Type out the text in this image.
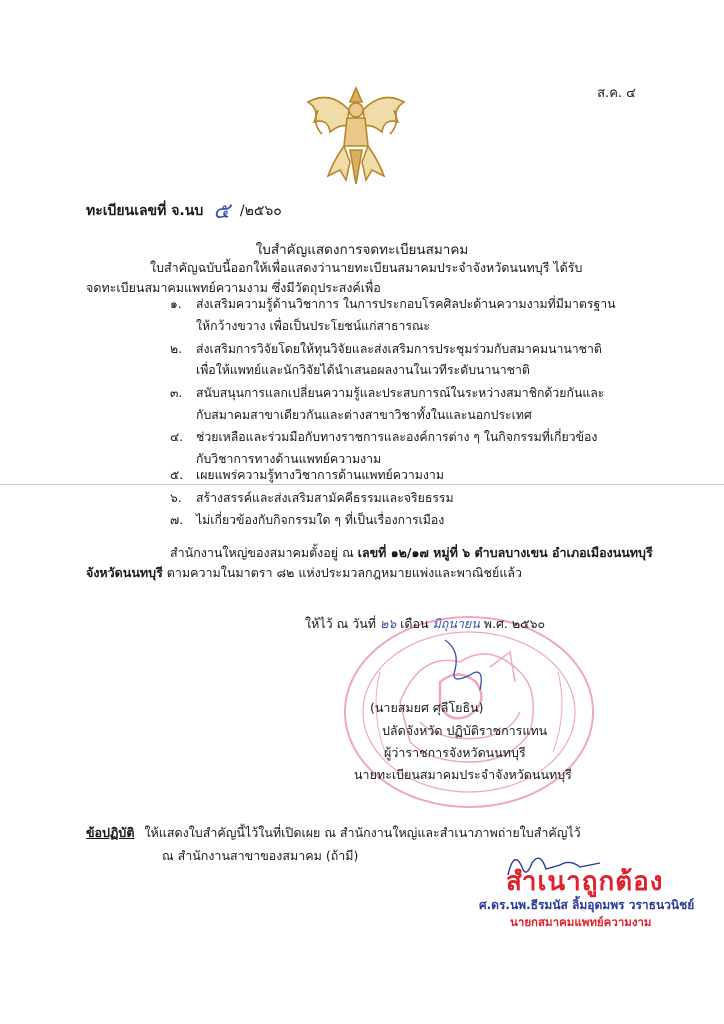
ส.ค. ๔
ทะเบียนเลขที่ จ.นบ ๕ /๒๕๖๐
ใบสำคัญแสดงการจดทะเบียนสมาคม
ใบสำคัญฉบับนี้ออกให้เพื่อแสดงว่านายทะเบียนสมาคมประจำจังหวัดนนทบุรี ได้รับ
จดทะเบียนสมาคมแพทย์ความงาม ซึ่งมีวัตถุประสงค์เพื่อ
๑. ส่งเสริมความรู้ด้านวิชาการ ในการประกอบโรคศิลปะด้านความงามที่มีมาตรฐาน
ให้กว้างขวาง เพื่อเป็นประโยชน์แก่สาธารณะ
๒. ส่งเสริมการวิจัยโดยให้ทุนวิจัยและส่งเสริมการประชุมร่วมกับสมาคมนานาชาติ
เพื่อให้แพทย์และนักวิจัยได้นำเสนอผลงานในเวทีระดับนานาชาติ
๓. สนับสนุนการแลกเปลี่ยนความรู้และประสบการณ์ในระหว่างสมาชิกด้วยกันและ
กับสมาคมสาขาเดียวกันและต่างสาขาวิชาทั้งในและนอกประเทศ
๔. ช่วยเหลือและร่วมมือกับทางราชการและองค์การต่าง ๆ ในกิจกรรมที่เกี่ยวข้อง
กับวิชาการทางด้านแพทย์ความงาม
๕. เผยแพร่ความรู้ทางวิชาการด้านแพทย์ความงาม
๖. สร้างสรรค์และส่งเสริมสามัคคีธรรมและจริยธรรม
๗. ไม่เกี่ยวข้องกับกิจกรรมใด ๆ ที่เป็นเรื่องการเมือง
สำนักงานใหญ่ของสมาคมตั้งอยู่ ณ เลขที่ ๑๒/๑๗ หมู่ที่ ๖ ตำบลบางเขน อำเภอเมืองนนทบุรี
จังหวัดนนทบุรี ตามความในมาตรา ๘๒ แห่งประมวลกฎหมายแพ่งและพาณิชย์แล้ว
ให้ไว้ ณ วันที่ ๒๖ เดือน มิถุนายน พ.ศ. ๒๕๖๐
(นายสมยศ ศุลีโยธิน)
ปลัดจังหวัด ปฏิบัติราชการแทน
ผู้ว่าราชการจังหวัดนนทบุรี
นายทะเบียนสมาคมประจำจังหวัดนนทบุรี
ข้อปฏิบัติ ให้แสดงใบสำคัญนี้ไว้ในที่เปิดเผย ณ สำนักงานใหญ่และสำเนาภาพถ่ายใบสำคัญไว้
ณ สำนักงานสาขาของสมาคม (ถ้ามี)
สำเนาถูกต้อง
ศ.ดร.นพ.ธีรมนัส ลิ้มอุดมพร วราธนวนิชย์
นายกสมาคมแพทย์ความงาม
